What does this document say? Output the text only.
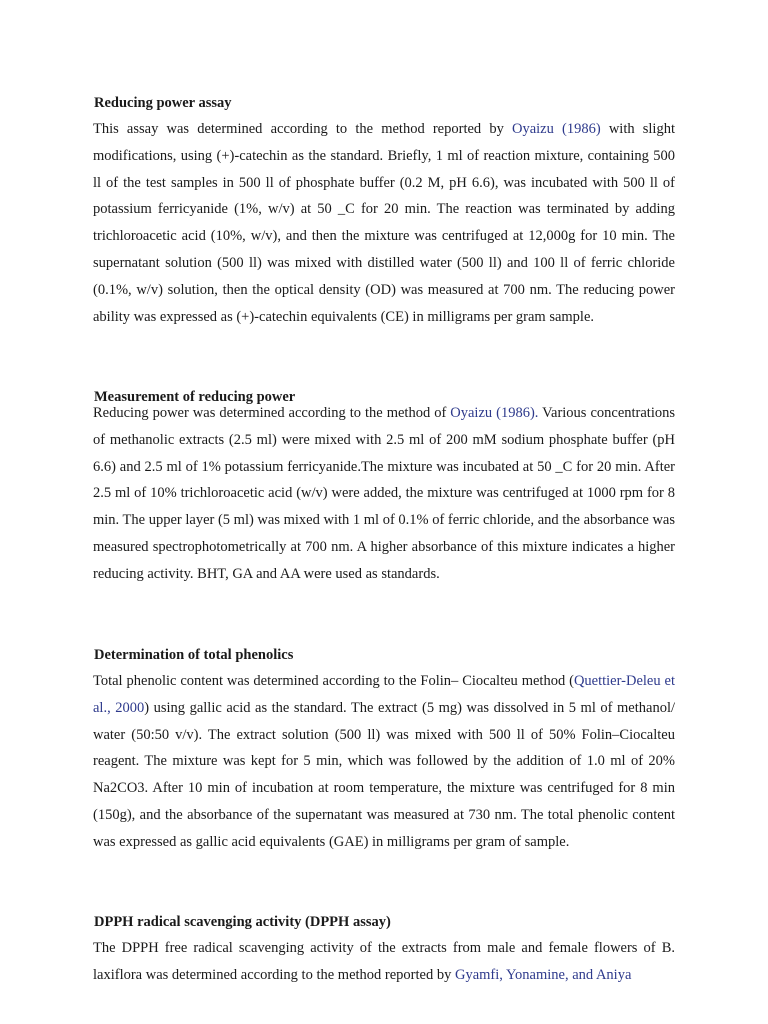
Reducing power assay

This assay was determined according to the method reported by Oyaizu (1986) with slight modifications, using (+)-catechin as the standard. Briefly, 1 ml of reaction mixture, containing 500 ll of the test samples in 500 ll of phosphate buffer (0.2 M, pH 6.6), was incubated with 500 ll of potassium ferricyanide (1%, w/v) at 50 _C for 20 min. The reaction was terminated by adding trichloroacetic acid (10%, w/v), and then the mixture was centrifuged at 12,000g for 10 min. The supernatant solution (500 ll) was mixed with distilled water (500 ll) and 100 ll of ferric chloride (0.1%, w/v) solution, then the optical density (OD) was measured at 700 nm. The reducing power ability was expressed as (+)-catechin equivalents (CE) in milligrams per gram sample.

Measurement of reducing power

Reducing power was determined according to the method of Oyaizu (1986). Various concentrations of methanolic extracts (2.5 ml) were mixed with 2.5 ml of 200 mM sodium phosphate buffer (pH 6.6) and 2.5 ml of 1% potassium ferricyanide.The mixture was incubated at 50 _C for 20 min. After 2.5 ml of 10% trichloroacetic acid (w/v) were added, the mixture was centrifuged at 1000 rpm for 8 min. The upper layer (5 ml) was mixed with 1 ml of 0.1% of ferric chloride, and the absorbance was measured spectrophotometrically at 700 nm. A higher absorbance of this mixture indicates a higher reducing activity. BHT, GA and AA were used as standards.

Determination of total phenolics

Total phenolic content was determined according to the Folin– Ciocalteu method (Quettier-Deleu et al., 2000) using gallic acid as the standard. The extract (5 mg) was dissolved in 5 ml of methanol/ water (50:50 v/v). The extract solution (500 ll) was mixed with 500 ll of 50% Folin–Ciocalteu reagent. The mixture was kept for 5 min, which was followed by the addition of 1.0 ml of 20% Na2CO3. After 10 min of incubation at room temperature, the mixture was centrifuged for 8 min (150g), and the absorbance of the supernatant was measured at 730 nm. The total phenolic content was expressed as gallic acid equivalents (GAE) in milligrams per gram of sample.

DPPH radical scavenging activity (DPPH assay)

The DPPH free radical scavenging activity of the extracts from male and female flowers of B. laxiflora was determined according to the method reported by Gyamfi, Yonamine, and Aniya
